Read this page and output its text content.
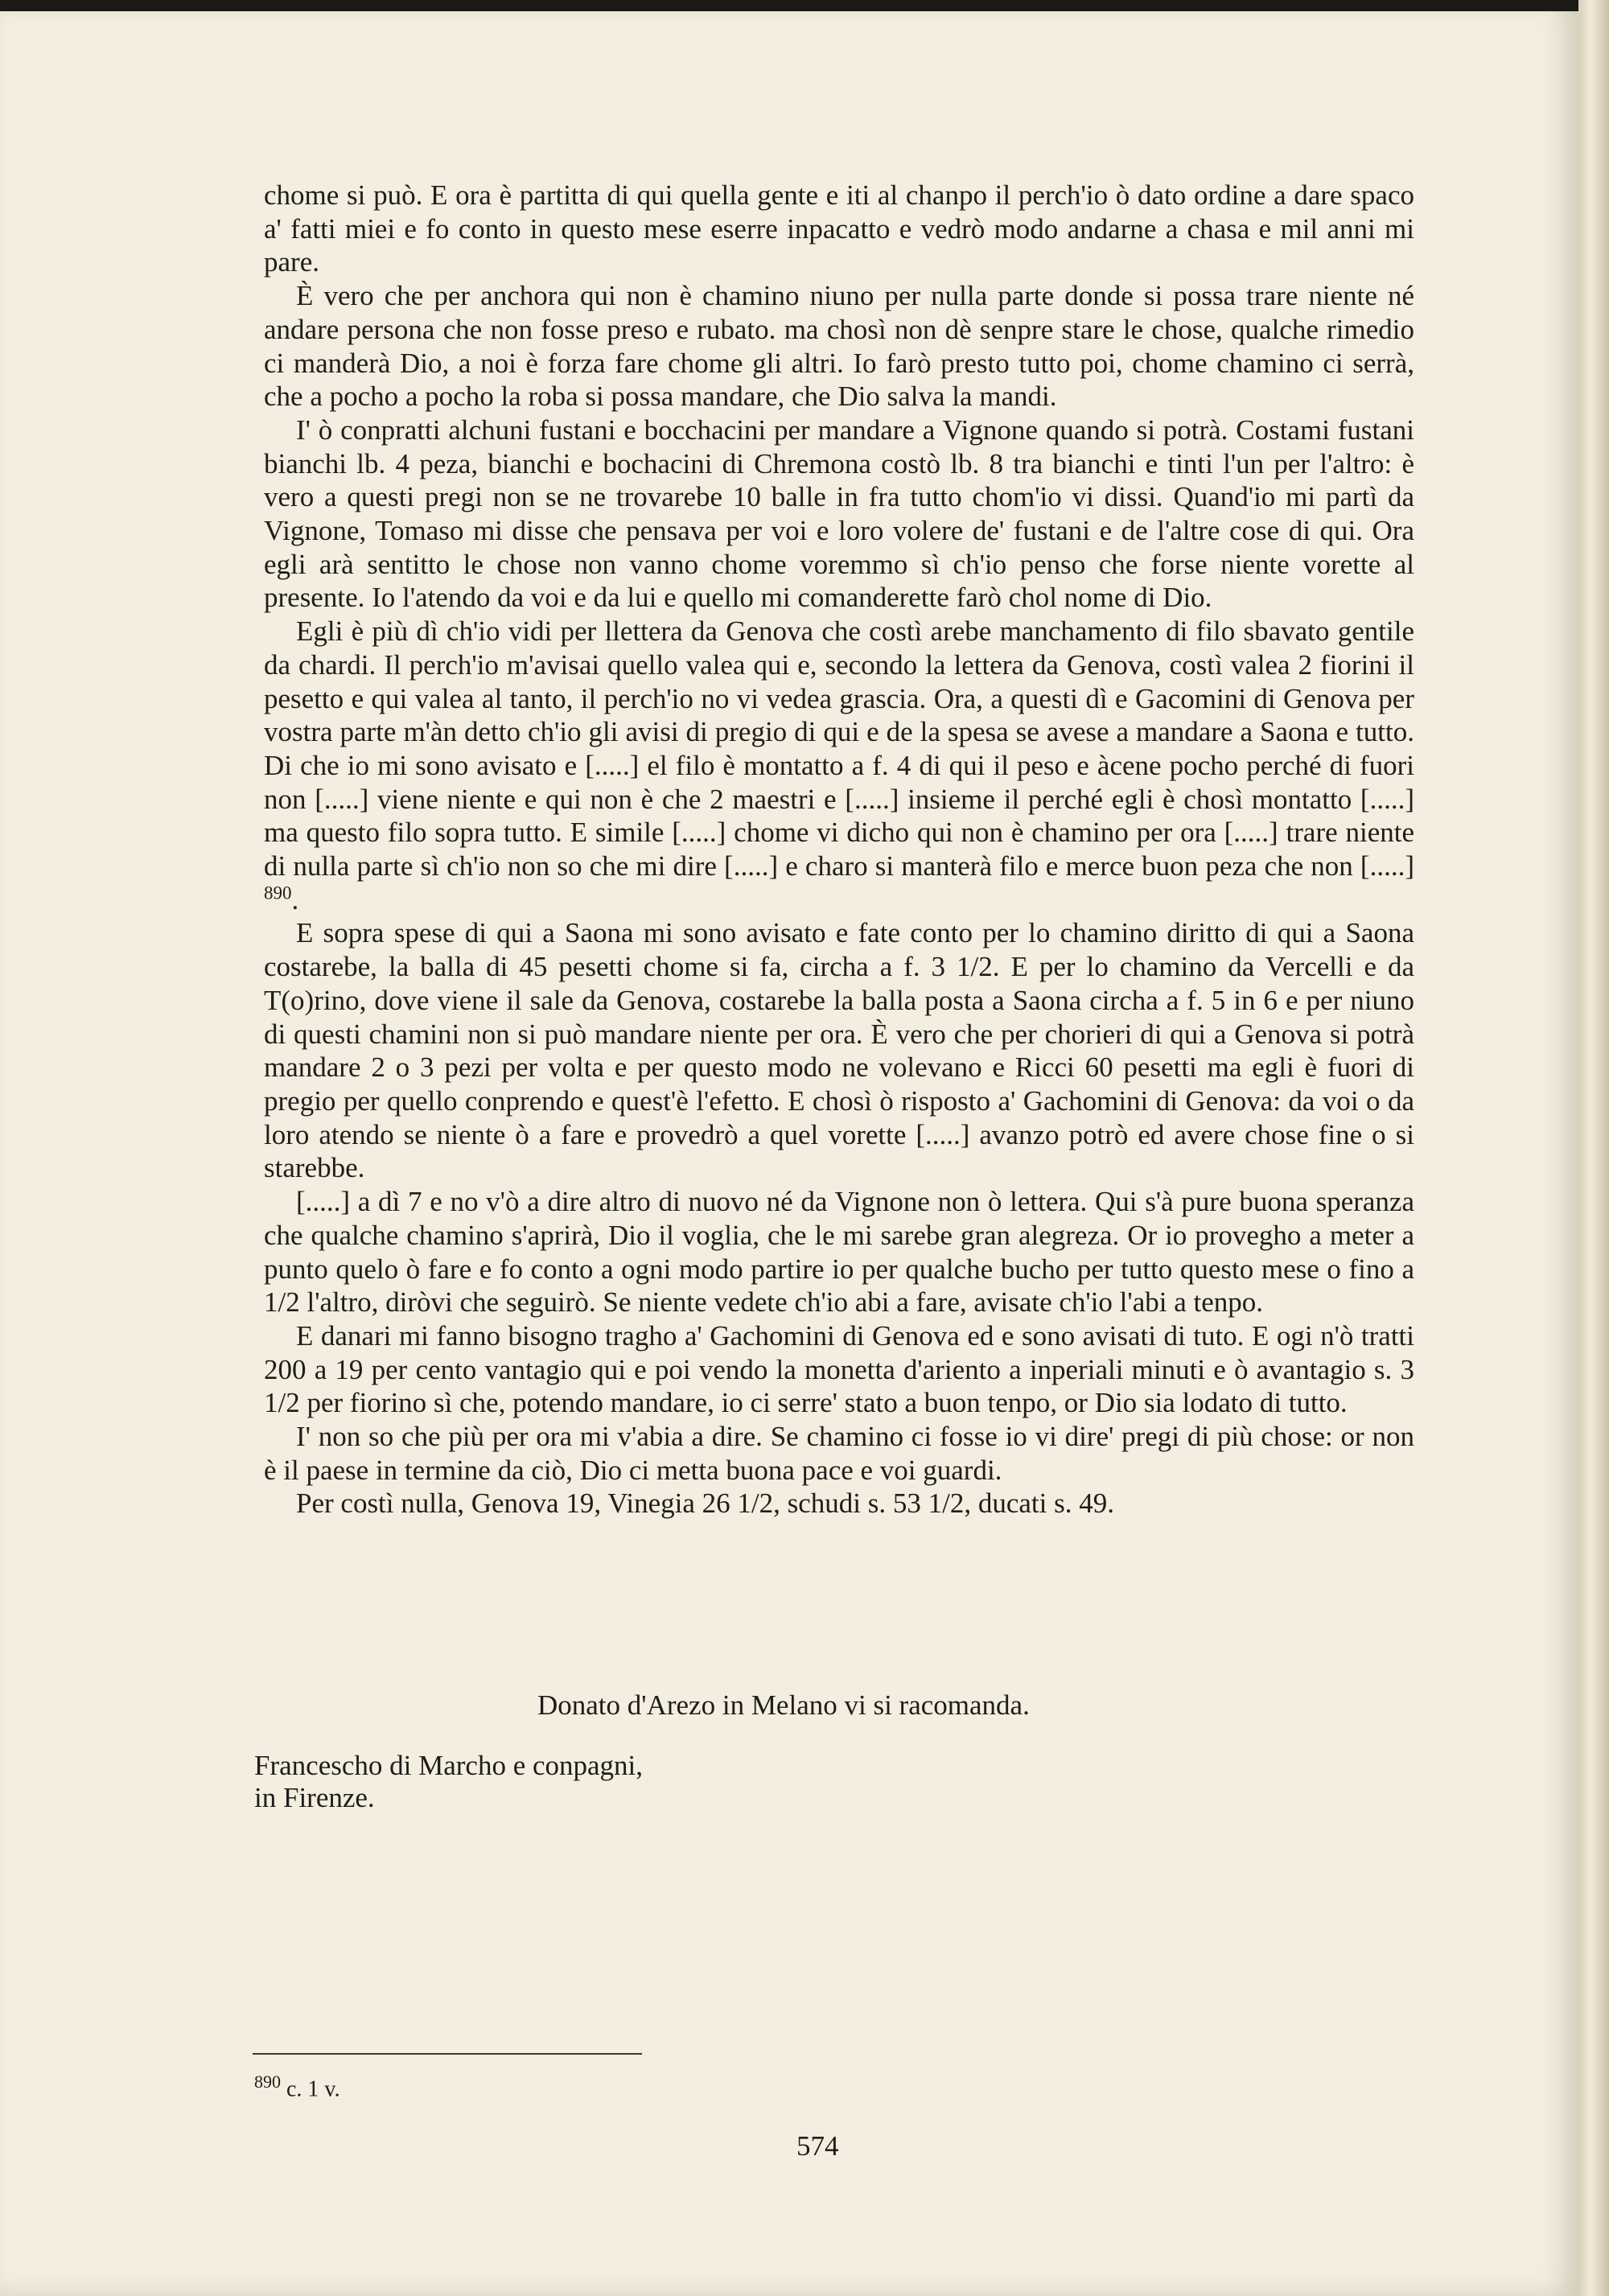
chome si può. E ora è partitta di qui quella gente e iti al chanpo il perch'io ò dato ordine a dare spaco a' fatti miei e fo conto in questo mese eserre inpacatto e vedrò modo andarne a chasa e mil anni mi pare.

È vero che per anchora qui non è chamino niuno per nulla parte donde si possa trare niente né andare persona che non fosse preso e rubato. ma chosì non dè senpre stare le chose, qualche rimedio ci manderà Dio, a noi è forza fare chome gli altri. Io farò presto tutto poi, chome chamino ci serrà, che a pocho a pocho la roba si possa mandare, che Dio salva la mandi.

I' ò conpratti alchuni fustani e bocchacini per mandare a Vignone quando si potrà. Costami fustani bianchi lb. 4 peza, bianchi e bochacini di Chremona costò lb. 8 tra bianchi e tinti l'un per l'altro: è vero a questi pregi non se ne trovarebe 10 balle in fra tutto chom'io vi dissi. Quand'io mi partì da Vignone, Tomaso mi disse che pensava per voi e loro volere de' fustani e de l'altre cose di qui. Ora egli arà sentitto le chose non vanno chome voremmo sì ch'io penso che forse niente vorette al presente. Io l'atendo da voi e da lui e quello mi comanderette farò chol nome di Dio.

Egli è più dì ch'io vidi per llettera da Genova che costì arebe manchamento di filo sbavato gentile da chardi. Il perch'io m'avisai quello valea qui e, secondo la lettera da Genova, costì valea 2 fiorini il pesetto e qui valea al tanto, il perch'io no vi vedea grascia. Ora, a questi dì e Gacomini di Genova per vostra parte m'àn detto ch'io gli avisi di pregio di qui e de la spesa se avese a mandare a Saona e tutto. Di che io mi sono avisato e [.....] el filo è montatto a f. 4 di qui il peso e àcene pocho perché di fuori non [.....] viene niente e qui non è che 2 maestri e [.....] insieme il perché egli è chosì montatto [.....] ma questo filo sopra tutto. E simile [.....] chome vi dicho qui non è chamino per ora [.....] trare niente di nulla parte sì ch'io non so che mi dire [.....] e charo si manterà filo e merce buon peza che non [.....] $^{890}$.

E sopra spese di qui a Saona mi sono avisato e fate conto per lo chamino diritto di qui a Saona costarebe, la balla di 45 pesetti chome si fa, circha a f. 3 1/2. E per lo chamino da Vercelli e da T(o)rino, dove viene il sale da Genova, costarebe la balla posta a Saona circha a f. 5 in 6 e per niuno di questi chamini non si può mandare niente per ora. È vero che per chorieri di qui a Genova si potrà mandare 2 o 3 pezi per volta e per questo modo ne volevano e Ricci 60 pesetti ma egli è fuori di pregio per quello conprendo e quest'è l'efetto. E chosì ò risposto a' Gachomini di Genova: da voi o da loro atendo se niente ò a fare e provedrò a quel vorette [.....] avanzo potrò ed avere chose fine o si starebbe.

[.....] a dì 7 e no v'ò a dire altro di nuovo né da Vignone non ò lettera. Qui s'à pure buona speranza che qualche chamino s'aprirà, Dio il voglia, che le mi sarebe gran alegreza. Or io proveghо a meter a punto quelo ò fare e fo conto a ogni modo partire io per qualche bucho per tutto questo mese o fino a 1/2 l'altro, diròvi che seguirò. Se niente vedete ch'io abi a fare, avisate ch'io l'abi a tenpo.

E danari mi fanno bisogno tragho a' Gachomini di Genova ed e sono avisati di tuto. E ogi n'ò tratti 200 a 19 per cento vantagio qui e poi vendo la monetta d'ariento a inperiali minuti e ò avantagio s. 3 1/2 per fiorino sì che, potendo mandare, io ci serre' stato a buon tenpo, or Dio sia lodato di tutto.

I' non so che più per ora mi v'abia a dire. Se chamino ci fosse io vi dire' pregi di più chose: or non è il paese in termine da ciò, Dio ci metta buona pace e voi guardi.

Per costì nulla, Genova 19, Vinegia 26 1/2, schudi s. 53 1/2, ducati s. 49.

Donato d'Arezo in Melano vi si racomanda.
Francescho di Marcho e conpagni,
in Firenze.
$^{890}$ c. 1 v.
574
